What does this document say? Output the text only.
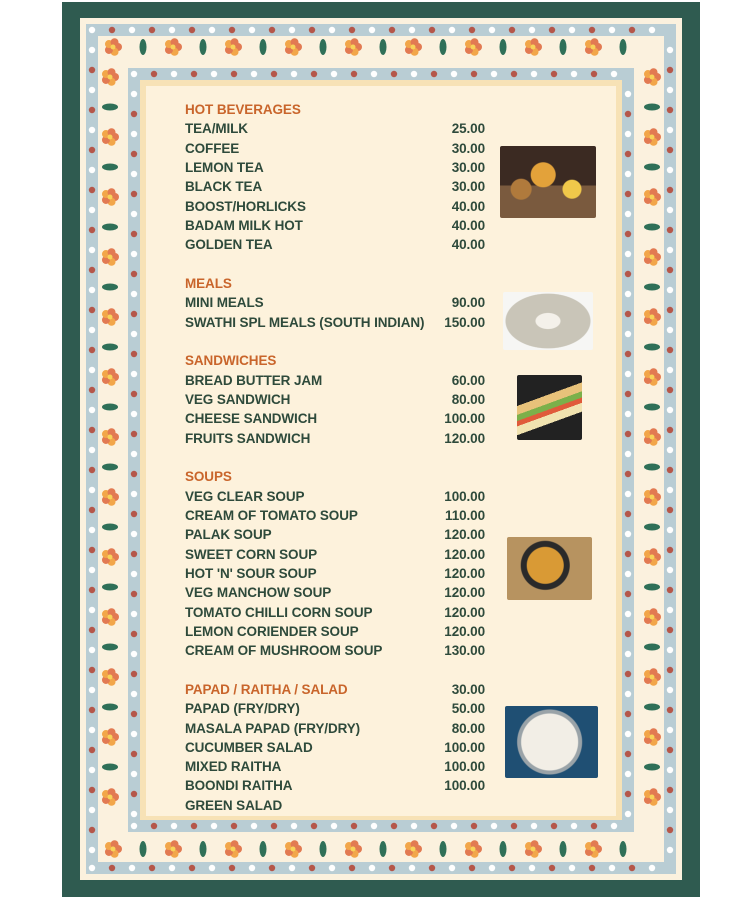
HOT BEVERAGES
TEA/MILK	25.00
COFFEE	30.00
LEMON TEA	30.00
BLACK TEA	30.00
BOOST/HORLICKS	40.00
BADAM MILK HOT	40.00
GOLDEN TEA	40.00
MEALS
MINI MEALS	90.00
SWATHI SPL MEALS (SOUTH INDIAN) 150.00
SANDWICHES
BREAD BUTTER JAM	60.00
VEG SANDWICH	80.00
CHEESE SANDWICH	100.00
FRUITS SANDWICH	120.00
SOUPS
VEG CLEAR SOUP	100.00
CREAM OF TOMATO SOUP	110.00
PALAK SOUP	120.00
SWEET CORN SOUP	120.00
HOT 'N' SOUR SOUP	120.00
VEG MANCHOW SOUP	120.00
TOMATO CHILLI CORN SOUP	120.00
LEMON CORIENDER SOUP	120.00
CREAM OF MUSHROOM SOUP	130.00
PAPAD / RAITHA / SALAD	30.00
PAPAD (FRY/DRY)	50.00
MASALA PAPAD (FRY/DRY)	80.00
CUCUMBER SALAD	100.00
MIXED RAITHA	100.00
BOONDI RAITHA	100.00
GREEN SALAD
